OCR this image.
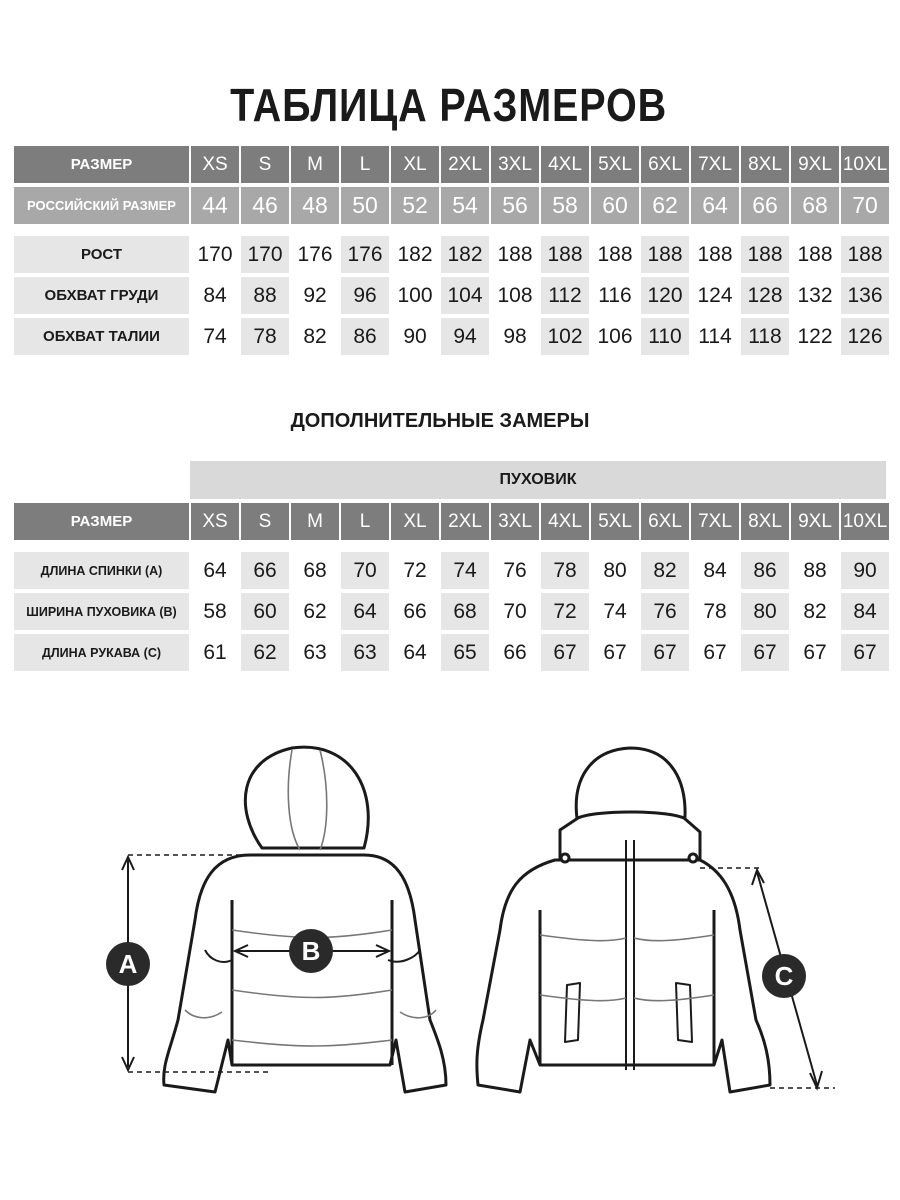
ТАБЛИЦА РАЗМЕРОВ
РАЗМЕР	XS S M L XL 2XL 3XL 4XL 5XL 6XL 7XL 8XL 9XL 10XL
РОССИЙСКИЙ РАЗМЕР	44	46	48	50	52	54	56	58	60	62	64	66	68	70
РОСТ	170 170 176 176 182 182 188 188 188 188 188 188 188 188
ОБХВАТ ГРУДИ	84	88	92	96 100 104 108 112 116 120 124 128 132 136
ОБХВАТ ТАЛИИ	74	78	82	86	90	94	98 102 106 110 114 118 122 126
ДОПОЛНИТЕЛЬНЫЕ ЗАМЕРЫ
ПУХОВИК
РАЗМЕР	XS S M L XL 2XL 3XL 4XL 5XL 6XL 7XL 8XL 9XL 10XL
ДЛИНА СПИНКИ (А)	64	66	68	70	72	74	76	78	80	82	84	86	88	90
ШИРИНА ПУХОВИКА (В)	58	60	62	64	66	68	70	72	74	76	78	80	82	84
ДЛИНА РУКАВА (С)	61	62	63	63	64	65	66	67	67	67	67	67	67	67
A	B
C
